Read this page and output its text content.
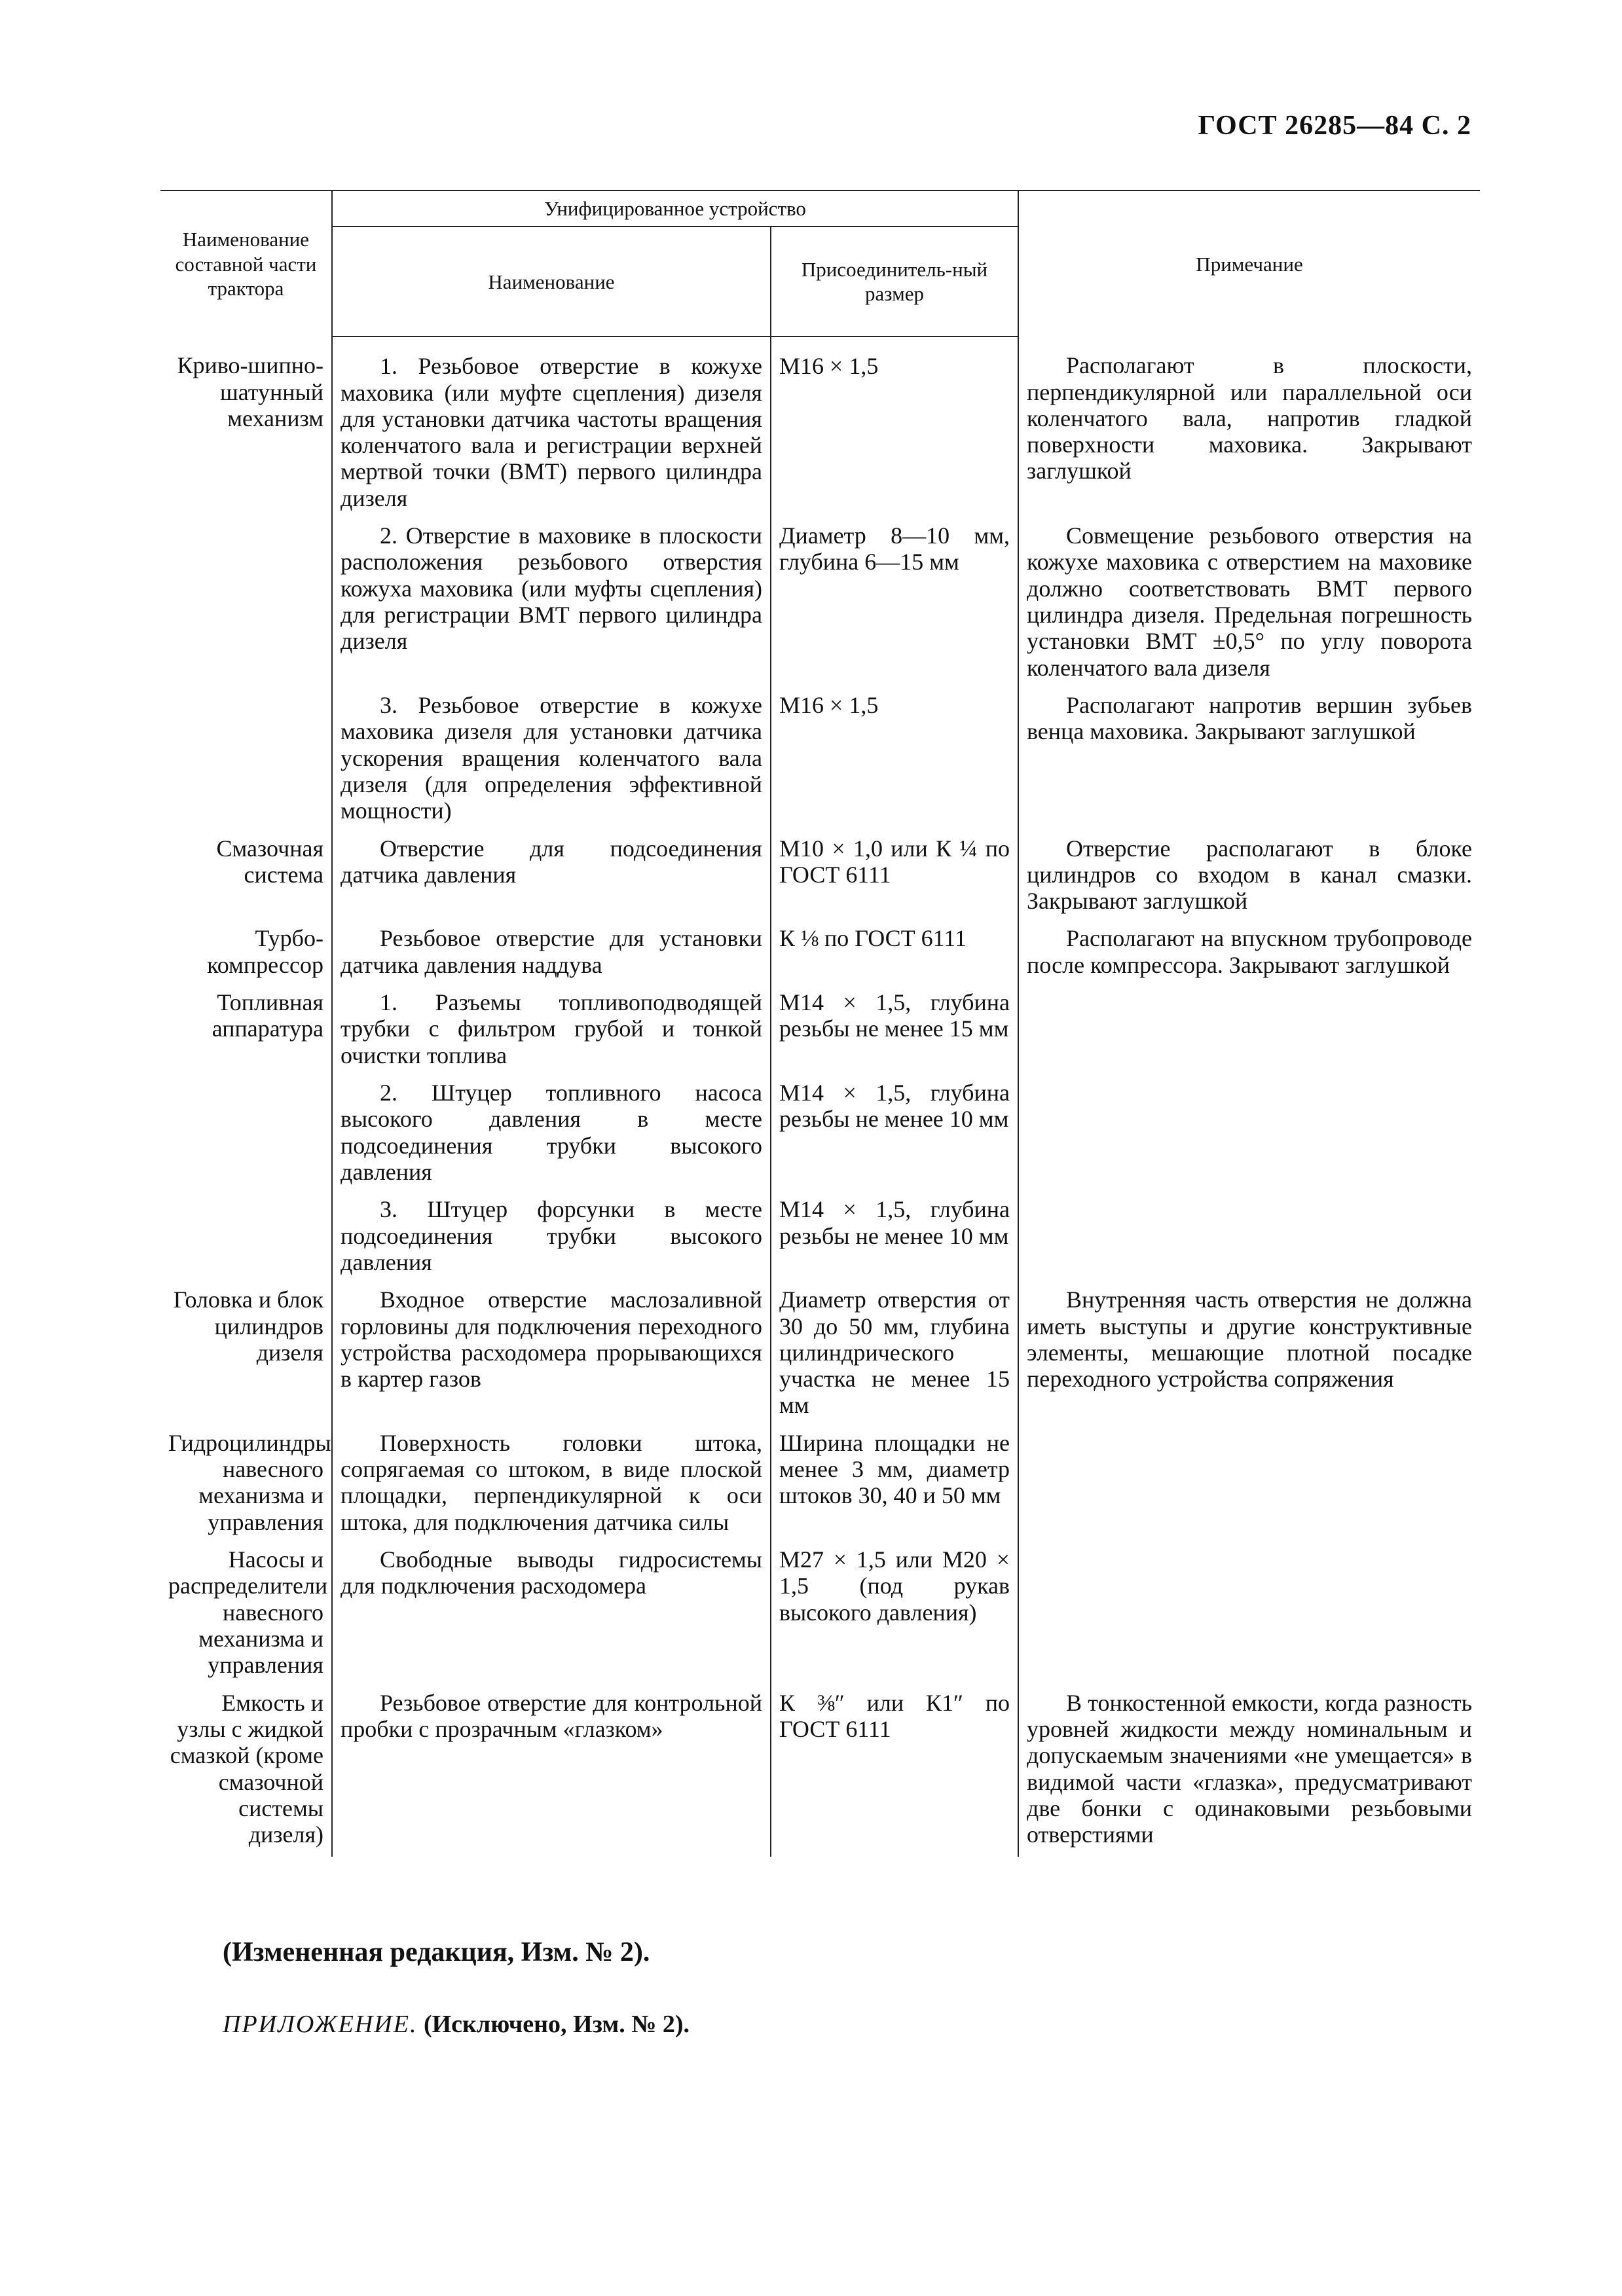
ГОСТ 26285—84 С. 2
Наименование составной части трактора	Унифицированное устройство		Примечание
	Наименование	Присоединитель-ный размер	
Криво-шипно-шатунный механизм	1. Резьбовое отверстие в кожухе маховика (или муфте сцепления) дизеля для установки датчика частоты вращения коленчатого вала и регистрации верхней мертвой точки (ВМТ) первого цилиндра дизеля	М16 × 1,5	Располагают в плоскости, перпендикулярной или параллельной оси коленчатого вала, напротив гладкой поверхности маховика. Закрывают заглушкой
	2. Отверстие в маховике в плоскости расположения резьбового отверстия кожуха маховика (или муфты сцепления) для регистрации ВМТ первого цилиндра дизеля	Диаметр 8—10 мм, глубина 6—15 мм	Совмещение резьбового отверстия на кожухе маховика с отверстием на маховике должно соответствовать ВМТ первого цилиндра дизеля. Предельная погрешность установки ВМТ ±0,5° по углу поворота коленчатого вала дизеля
	3. Резьбовое отверстие в кожухе маховика дизеля для установки датчика ускорения вращения коленчатого вала дизеля (для определения эффективной мощности)	М16 × 1,5	Располагают напротив вершин зубьев венца маховика. Закрывают заглушкой
Смазочная система	Отверстие для подсоединения датчика давления	М10 × 1,0 или К ¼ по ГОСТ 6111	Отверстие располагают в блоке цилиндров со входом в канал смазки. Закрывают заглушкой
Турбо-компрессор	Резьбовое отверстие для установки датчика давления наддува	К ⅛ по ГОСТ 6111	Располагают на впускном трубопроводе после компрессора. Закрывают заглушкой
Топливная аппаратура	1. Разъемы топливоподводящей трубки с фильтром грубой и тонкой очистки топлива	М14 × 1,5, глубина резьбы не менее 15 мм	
	2. Штуцер топливного насоса высокого давления в месте подсоединения трубки высокого давления	М14 × 1,5, глубина резьбы не менее 10 мм	
	3. Штуцер форсунки в месте подсоединения трубки высокого давления	М14 × 1,5, глубина резьбы не менее 10 мм	
Головка и блок цилиндров дизеля	Входное отверстие маслозаливной горловины для подключения переходного устройства расходомера прорывающихся в картер газов	Диаметр отверстия от 30 до 50 мм, глубина цилиндрического участка не менее 15 мм	Внутренняя часть отверстия не должна иметь выступы и другие конструктивные элементы, мешающие плотной посадке переходного устройства сопряжения
Гидроцилиндры навесного механизма и управления	Поверхность головки штока, сопрягаемая со штоком, в виде плоской площадки, перпендикулярной к оси штока, для подключения датчика силы	Ширина площадки не менее 3 мм, диаметр штоков 30, 40 и 50 мм	
Насосы и распределители навесного механизма и управления	Свободные выводы гидросистемы для подключения расходомера	М27 × 1,5 или М20 × 1,5 (под рукав высокого давления)	
Емкость и узлы с жидкой смазкой (кроме смазочной системы дизеля)	Резьбовое отверстие для контрольной пробки с прозрачным «глазком»	К ⅜″ или К1″ по ГОСТ 6111	В тонкостенной емкости, когда разность уровней жидкости между номинальным и допускаемым значениями «не умещается» в видимой части «глазка», предусматривают две бонки с одинаковыми резьбовыми отверстиями
(Измененная редакция, Изм. № 2).
ПРИЛОЖЕНИЕ. (Исключено, Изм. № 2).
